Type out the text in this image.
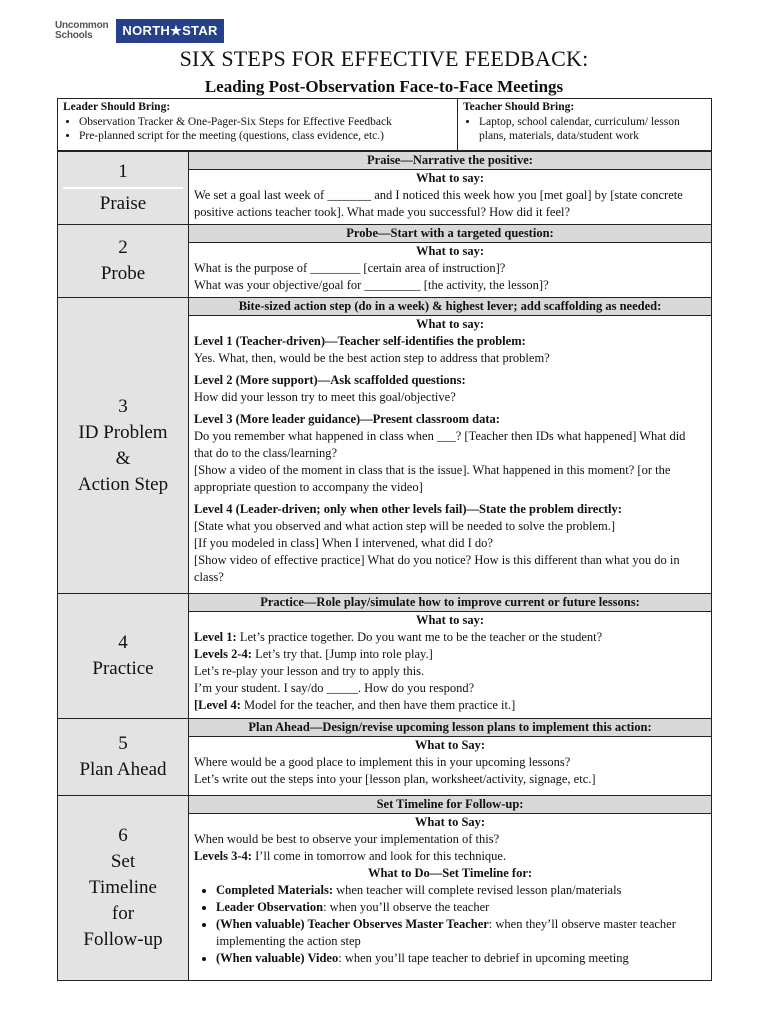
Uncommon
Schools	NORTH★STAR
SIX STEPS FOR EFFECTIVE FEEDBACK:
Leading Post-Observation Face-to-Face Meetings
Leader Should Bring:
• Observation Tracker & One-Pager-Six Steps for Effective Feedback
• Pre-planned script for the meeting (questions, class evidence, etc.)
Teacher Should Bring:
• Laptop, school calendar, curriculum/ lesson plans, materials, data/student work
1
Praise
Praise—Narrative the positive:
What to say:
We set a goal last week of _______ and I noticed this week how you [met goal] by [state concrete positive actions teacher took]. What made you successful? How did it feel?
2
Probe
Probe—Start with a targeted question:
What to say:
What is the purpose of ________ [certain area of instruction]?
What was your objective/goal for _________ [the activity, the lesson]?
3
ID Problem
&
Action Step
Bite-sized action step (do in a week) & highest lever; add scaffolding as needed:
What to say:
Level 1 (Teacher-driven)—Teacher self-identifies the problem:
Yes. What, then, would be the best action step to address that problem?
Level 2 (More support)—Ask scaffolded questions:
How did your lesson try to meet this goal/objective?
Level 3 (More leader guidance)—Present classroom data:
Do you remember what happened in class when ___? [Teacher then IDs what happened] What did that do to the class/learning?
[Show a video of the moment in class that is the issue]. What happened in this moment? [or the appropriate question to accompany the video]
Level 4 (Leader-driven; only when other levels fail)—State the problem directly:
[State what you observed and what action step will be needed to solve the problem.]
[If you modeled in class] When I intervened, what did I do?
[Show video of effective practice] What do you notice? How is this different than what you do in class?
4
Practice
Practice—Role play/simulate how to improve current or future lessons:
What to say:
Level 1: Let’s practice together. Do you want me to be the teacher or the student?
Levels 2-4: Let’s try that. [Jump into role play.]
Let’s re-play your lesson and try to apply this.
I’m your student. I say/do _____. How do you respond?
[Level 4: Model for the teacher, and then have them practice it.]
5
Plan Ahead
Plan Ahead—Design/revise upcoming lesson plans to implement this action:
What to Say:
Where would be a good place to implement this in your upcoming lessons?
Let’s write out the steps into your [lesson plan, worksheet/activity, signage, etc.]
6
Set
Timeline
for
Follow-up
Set Timeline for Follow-up:
What to Say:
When would be best to observe your implementation of this?
Levels 3-4: I’ll come in tomorrow and look for this technique.
What to Do—Set Timeline for:
• Completed Materials: when teacher will complete revised lesson plan/materials
• Leader Observation: when you’ll observe the teacher
• (When valuable) Teacher Observes Master Teacher: when they’ll observe master teacher implementing the action step
• (When valuable) Video: when you’ll tape teacher to debrief in upcoming meeting
